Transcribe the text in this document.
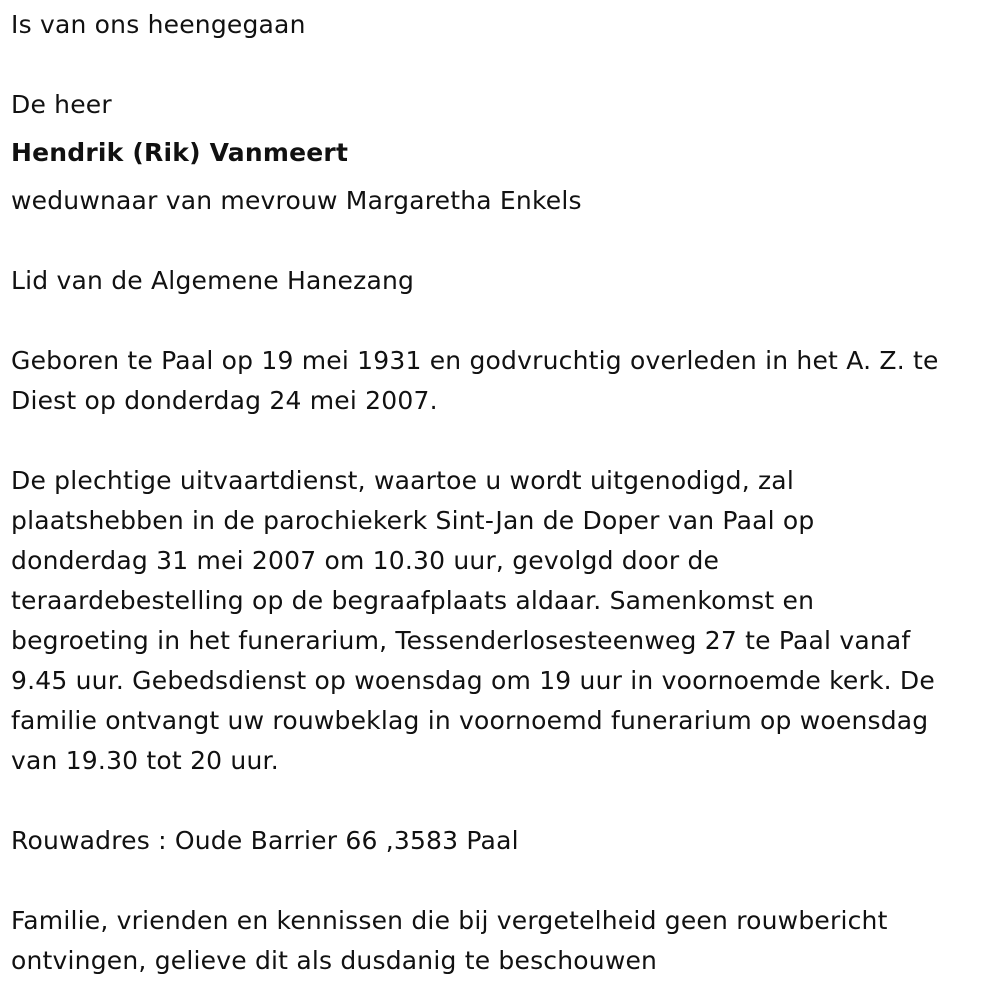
Is van ons heengegaan
De heer
Hendrik (Rik) Vanmeert
weduwnaar van mevrouw Margaretha Enkels
Lid van de Algemene Hanezang
Geboren te Paal op 19 mei 1931 en godvruchtig overleden in het A. Z. te
Diest op donderdag 24 mei 2007.
De plechtige uitvaartdienst, waartoe u wordt uitgenodigd, zal
plaatshebben in de parochiekerk Sint-Jan de Doper van Paal op
donderdag 31 mei 2007 om 10.30 uur, gevolgd door de
teraardebestelling op de begraafplaats aldaar. Samenkomst en
begroeting in het funerarium, Tessenderlosesteenweg 27 te Paal vanaf
9.45 uur. Gebedsdienst op woensdag om 19 uur in voornoemde kerk. De
familie ontvangt uw rouwbeklag in voornoemd funerarium op woensdag
van 19.30 tot 20 uur.
Rouwadres : Oude Barrier 66 ,3583 Paal
Familie, vrienden en kennissen die bij vergetelheid geen rouwbericht
ontvingen, gelieve dit als dusdanig te beschouwen
